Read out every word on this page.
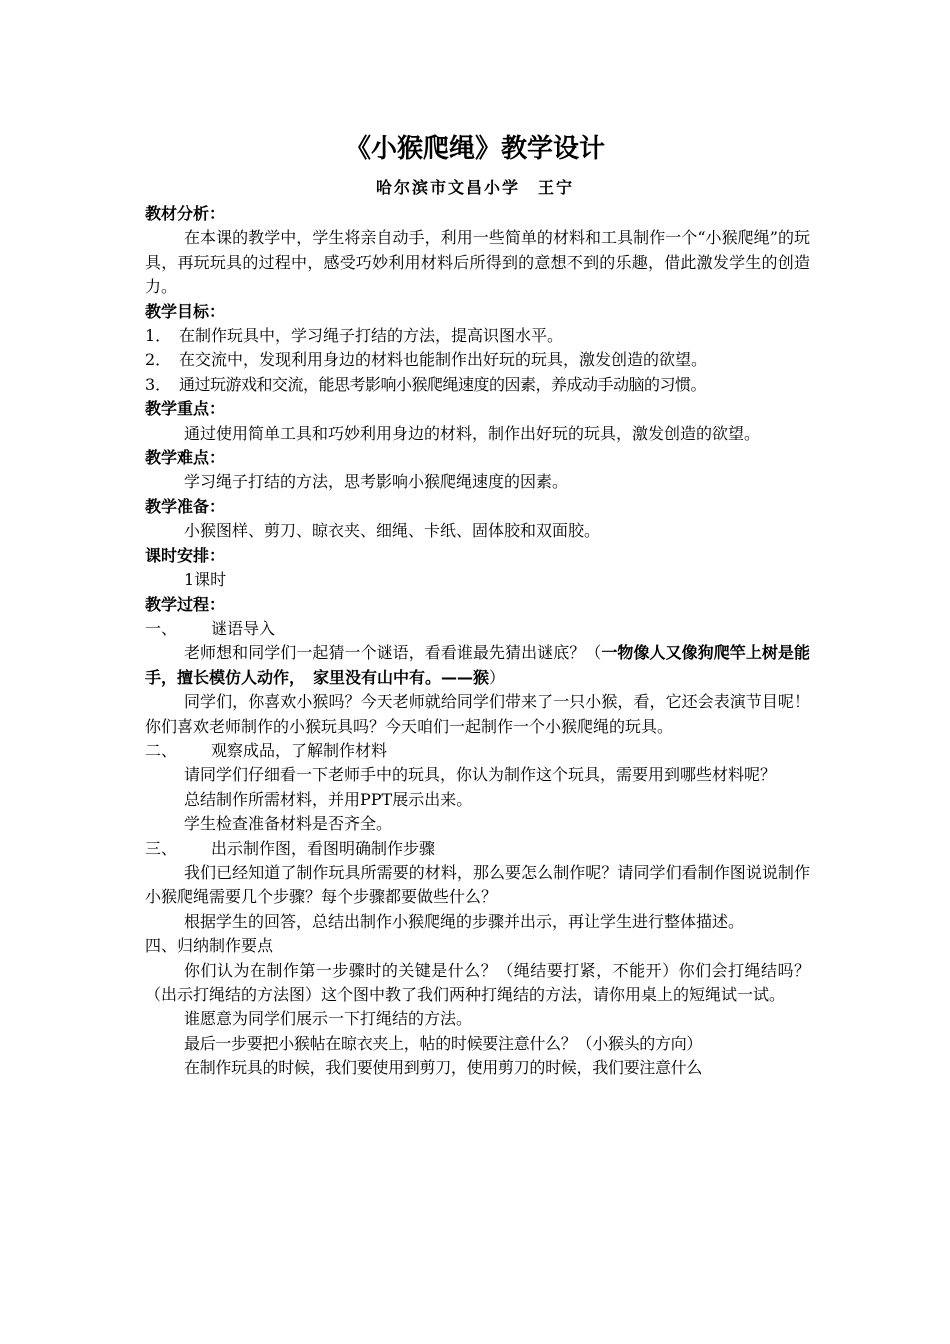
《小猴爬绳》教学设计
哈尔滨市文昌小学　王宁
教材分析：
在本课的教学中，学生将亲自动手，利用一些简单的材料和工具制作一个“小猴爬绳”的玩具，再玩玩具的过程中，感受巧妙利用材料后所得到的意想不到的乐趣，借此激发学生的创造力。
教学目标：
1． 在制作玩具中，学习绳子打结的方法，提高识图水平。
2． 在交流中，发现利用身边的材料也能制作出好玩的玩具，激发创造的欲望。
3． 通过玩游戏和交流，能思考影响小猴爬绳速度的因素，养成动手动脑的习惯。
教学重点：
通过使用简单工具和巧妙利用身边的材料，制作出好玩的玩具，激发创造的欲望。
教学难点：
学习绳子打结的方法，思考影响小猴爬绳速度的因素。
教学准备：
小猴图样、剪刀、晾衣夹、细绳、卡纸、固体胶和双面胶。
课时安排：
1课时
教学过程：
一、 谜语导入
老师想和同学们一起猜一个谜语，看看谁最先猜出谜底？（一物像人又像狗爬竿上树是能手，擅长模仿人动作，　家里没有山中有。——猴）
同学们，你喜欢小猴吗？今天老师就给同学们带来了一只小猴，看，它还会表演节目呢！你们喜欢老师制作的小猴玩具吗？今天咱们一起制作一个小猴爬绳的玩具。
二、 观察成品，了解制作材料
请同学们仔细看一下老师手中的玩具，你认为制作这个玩具，需要用到哪些材料呢？
总结制作所需材料，并用PPT展示出来。
学生检查准备材料是否齐全。
三、 出示制作图，看图明确制作步骤
我们已经知道了制作玩具所需要的材料，那么要怎么制作呢？请同学们看制作图说说制作小猴爬绳需要几个步骤？每个步骤都要做些什么？
根据学生的回答，总结出制作小猴爬绳的步骤并出示，再让学生进行整体描述。
四、归纳制作要点
你们认为在制作第一步骤时的关键是什么？（绳结要打紧，不能开）你们会打绳结吗？（出示打绳结的方法图）这个图中教了我们两种打绳结的方法，请你用桌上的短绳试一试。
谁愿意为同学们展示一下打绳结的方法。
最后一步要把小猴帖在晾衣夹上，帖的时候要注意什么？（小猴头的方向）
在制作玩具的时候，我们要使用到剪刀，使用剪刀的时候，我们要注意什么
